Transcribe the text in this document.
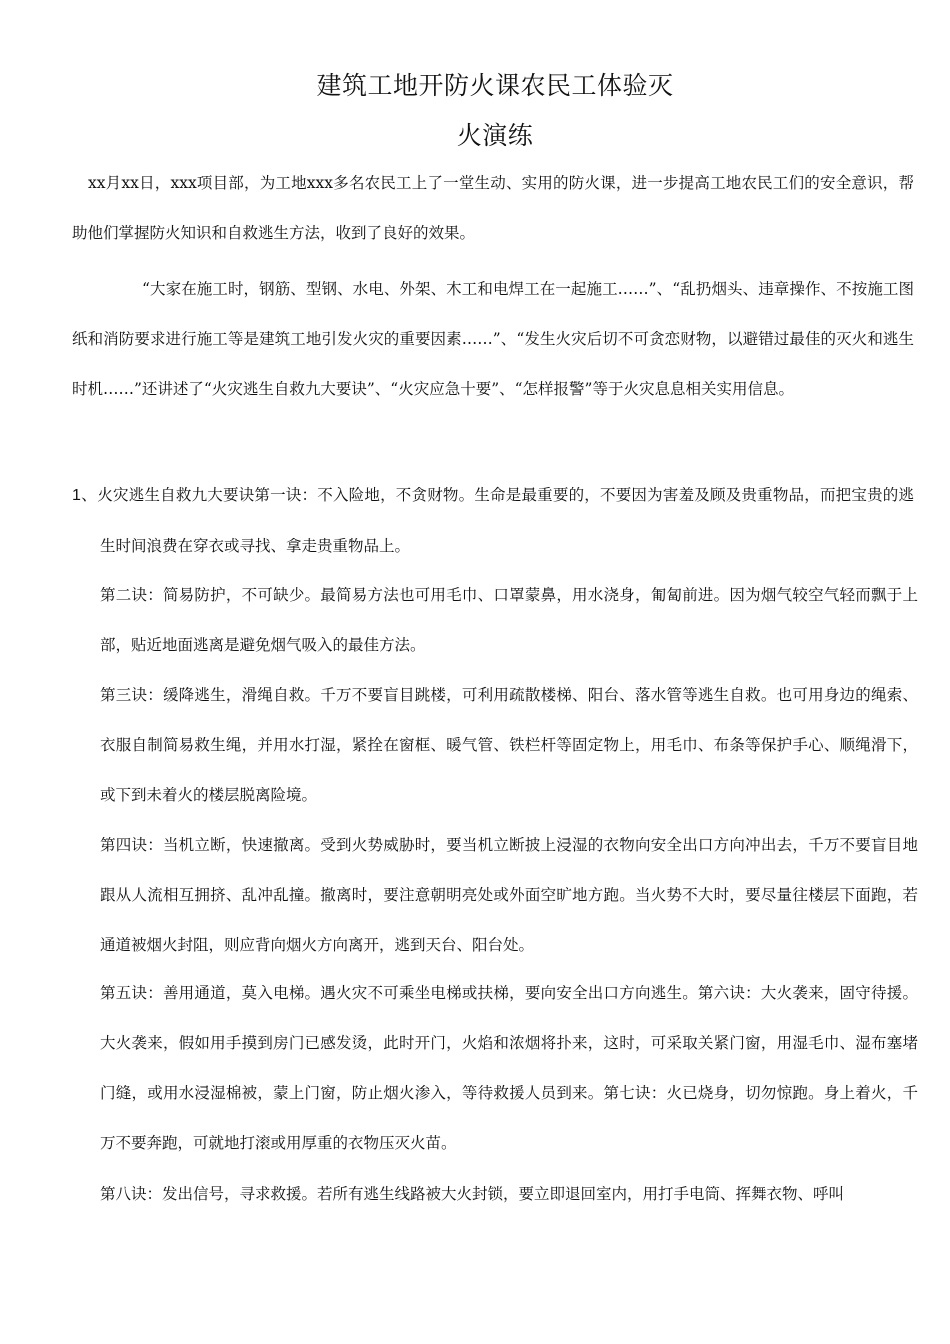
建筑工地开防火课农民工体验灭
火演练

xx月xx日，xxx项目部，为工地xxx多名农民工上了一堂生动、实用的防火课，进一步提高工地农民工们的安全意识，帮助他们掌握防火知识和自救逃生方法，收到了良好的效果。

“大家在施工时，钢筋、型钢、水电、外架、木工和电焊工在一起施工……”、“乱扔烟头、违章操作、不按施工图纸和消防要求进行施工等是建筑工地引发火灾的重要因素……”、“发生火灾后切不可贪恋财物，以避错过最佳的灭火和逃生时机……”还讲述了“火灾逃生自救九大要诀”、“火灾应急十要”、“怎样报警”等于火灾息息相关实用信息。

1、火灾逃生自救九大要诀第一诀：不入险地，不贪财物。生命是最重要的，不要因为害羞及顾及贵重物品，而把宝贵的逃生时间浪费在穿衣或寻找、拿走贵重物品上。

第二诀：简易防护，不可缺少。最简易方法也可用毛巾、口罩蒙鼻，用水浇身，匍匐前进。因为烟气较空气轻而飘于上部，贴近地面逃离是避免烟气吸入的最佳方法。

第三诀：缓降逃生，滑绳自救。千万不要盲目跳楼，可利用疏散楼梯、阳台、落水管等逃生自救。也可用身边的绳索、衣服自制简易救生绳，并用水打湿，紧拴在窗框、暖气管、铁栏杆等固定物上，用毛巾、布条等保护手心、顺绳滑下，或下到未着火的楼层脱离险境。

第四诀：当机立断，快速撤离。受到火势威胁时，要当机立断披上浸湿的衣物向安全出口方向冲出去，千万不要盲目地跟从人流相互拥挤、乱冲乱撞。撤离时，要注意朝明亮处或外面空旷地方跑。当火势不大时，要尽量往楼层下面跑，若通道被烟火封阻，则应背向烟火方向离开，逃到天台、阳台处。

第五诀：善用通道，莫入电梯。遇火灾不可乘坐电梯或扶梯，要向安全出口方向逃生。第六诀：大火袭来，固守待援。大火袭来，假如用手摸到房门已感发烫，此时开门，火焰和浓烟将扑来，这时，可采取关紧门窗，用湿毛巾、湿布塞堵门缝，或用水浸湿棉被，蒙上门窗，防止烟火渗入，等待救援人员到来。第七诀：火已烧身，切勿惊跑。身上着火，千万不要奔跑，可就地打滚或用厚重的衣物压灭火苗。

第八诀：发出信号，寻求救援。若所有逃生线路被大火封锁，要立即退回室内，用打手电筒、挥舞衣物、呼叫
